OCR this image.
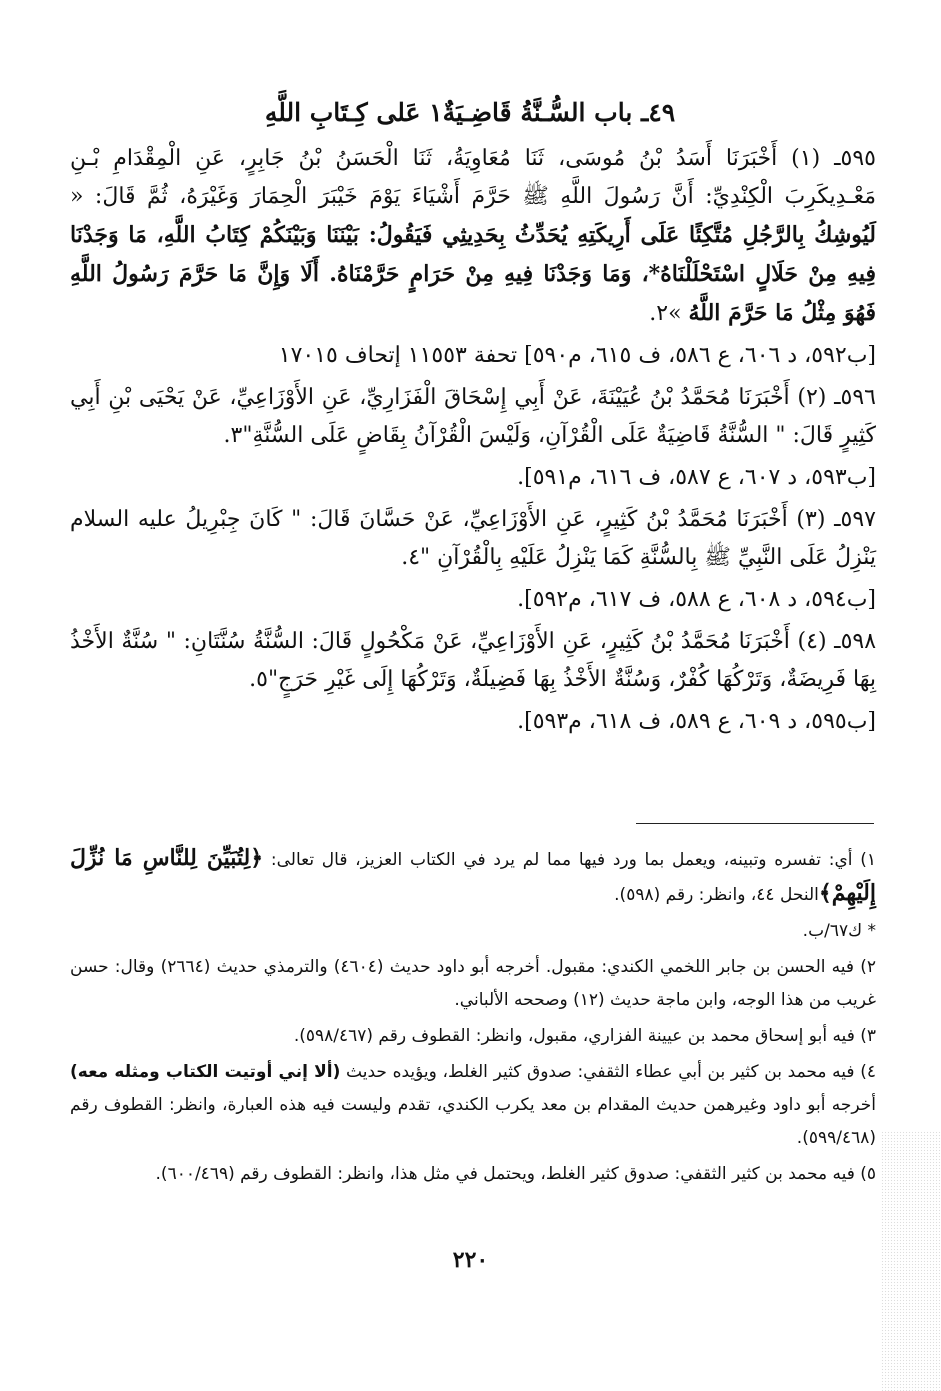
٤٩ـ باب السُّـنَّةُ قَاضِـيَةٌ١ عَلى كِـتَابِ اللَّهِ

٥٩٥ـ (١) أَخْبَرَنَا أَسَدُ بْنُ مُوسَى، ثَنَا مُعَاوِيَةُ، ثَنَا الْحَسَنُ بْنُ جَابِرٍ، عَنِ الْمِقْدَامِ بْـنِ مَعْـدِيكَرِبَ الْكِنْدِيِّ: أَنَّ رَسُولَ اللَّهِ ﷺ حَرَّمَ أَشْيَاءَ يَوْمَ خَيْبَرَ الْحِمَارَ وَغَيْرَهُ، ثُمَّ قَالَ: « لَيُوشِكُ بِالرَّجُلِ مُتَّكِئًا عَلَى أَرِيكَتِهِ يُحَدِّثُ بِحَدِيثِي فَيَقُولُ: بَيْنَنَا وَبَيْنَكُمْ كِتَابُ اللَّهِ، مَا وَجَدْنَا فِيهِ مِنْ حَلَالٍ اسْتَحْلَلْنَاهُ*، وَمَا وَجَدْنَا فِيهِ مِنْ حَرَامٍ حَرَّمْنَاهُ. أَلَا وَإِنَّ مَا حَرَّمَ رَسُولُ اللَّهِ فَهُوَ مِثْلُ مَا حَرَّمَ اللَّهُ »٢.

[ب٥٩٢، د ٦٠٦، ع ٥٨٦، ف ٦١٥، م٥٩٠] تحفة ١١٥٥٣ إتحاف ١٧٠١٥

٥٩٦ـ (٢) أَخْبَرَنَا مُحَمَّدُ بْنُ عُيَيْنَةَ، عَنْ أَبِي إِسْحَاقَ الْفَزَارِيِّ، عَنِ الأَوْزَاعِيِّ، عَنْ يَحْيَى بْنِ أَبِي كَثِيرٍ قَالَ: " السُّنَّةُ قَاضِيَةٌ عَلَى الْقُرْآنِ، وَلَيْسَ الْقُرْآنُ بِقَاضٍ عَلَى السُّنَّةِ"٣.

[ب٥٩٣، د ٦٠٧، ع ٥٨٧، ف ٦١٦، م٥٩١].

٥٩٧ـ (٣) أَخْبَرَنَا مُحَمَّدُ بْنُ كَثِيرٍ، عَنِ الأَوْزَاعِيِّ، عَنْ حَسَّانَ قَالَ: " كَانَ جِبْرِيلُ عليه السلام يَنْزِلُ عَلَى النَّبِيِّ ﷺ بِالسُّنَّةِ كَمَا يَنْزِلُ عَلَيْهِ بِالْقُرْآنِ "٤.

[ب٥٩٤، د ٦٠٨، ع ٥٨٨، ف ٦١٧، م٥٩٢].

٥٩٨ـ (٤) أَخْبَرَنَا مُحَمَّدُ بْنُ كَثِيرٍ، عَنِ الأَوْزَاعِيِّ، عَنْ مَكْحُولٍ قَالَ: السُّنَّةُ سُنَّتَانِ: " سُنَّةٌ الأَخْذُ بِهَا فَرِيضَةٌ، وَتَرْكُهَا كُفْرٌ، وَسُنَّةٌ الأَخْذُ بِهَا فَضِيلَةٌ، وَتَرْكُهَا إِلَى غَيْرِ حَرَجٍ"٥.

[ب٥٩٥، د ٦٠٩، ع ٥٨٩، ف ٦١٨، م٥٩٣].

١) أي: تفسره وتبينه، ويعمل بما ورد فيها مما لم يرد في الكتاب العزيز، قال تعالى: ﴿لِتُبَيِّنَ لِلنَّاسِ مَا نُزِّلَ إِلَيْهِمْ﴾النحل ٤٤، وانظر: رقم (٥٩٨).

* ك٦٧/ب.

٢) فيه الحسن بن جابر اللخمي الكندي: مقبول. أخرجه أبو داود حديث (٤٦٠٤) والترمذي حديث (٢٦٦٤) وقال: حسن غريب من هذا الوجه، وابن ماجة حديث (١٢) وصححه الألباني.

٣) فيه أبو إسحاق محمد بن عيينة الفزاري، مقبول، وانظر: القطوف رقم (٥٩٨/٤٦٧).

٤) فيه محمد بن كثير بن أبي عطاء الثقفي: صدوق كثير الغلط، ويؤيده حديث (ألا إني أوتيت الكتاب ومثله معه) أخرجه أبو داود وغيرهمن حديث المقدام بن معد يكرب الكندي، تقدم وليست فيه هذه العبارة، وانظر: القطوف رقم (٥٩٩/٤٦٨).

٥) فيه محمد بن كثير الثقفي: صدوق كثير الغلط، ويحتمل في مثل هذا، وانظر: القطوف رقم (٦٠٠/٤٦٩).

٢٢٠
